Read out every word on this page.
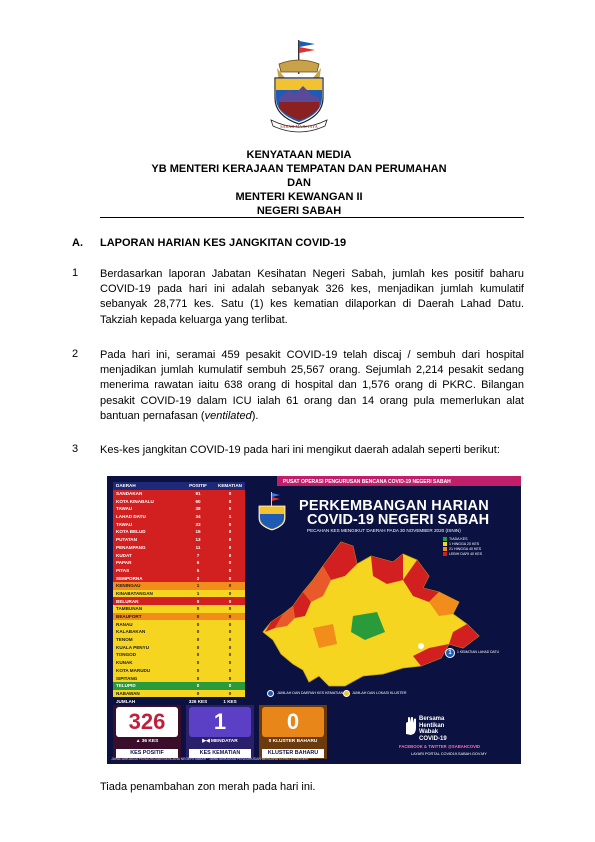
SABAH MAJU JAYA
KENYATAAN MEDIA
YB MENTERI KERAJAAN TEMPATAN DAN PERUMAHAN
DAN
MENTERI KEWANGAN II
NEGERI SABAH
A. LAPORAN HARIAN KES JANGKITAN COVID-19
1 Berdasarkan laporan Jabatan Kesihatan Negeri Sabah, jumlah kes positif baharu COVID-19 pada hari ini adalah sebanyak 326 kes, menjadikan jumlah kumulatif sebanyak 28,771 kes. Satu (1) kes kematian dilaporkan di Daerah Lahad Datu. Takziah kepada keluarga yang terlibat.
2 Pada hari ini, seramai 459 pesakit COVID-19 telah discaj / sembuh dari hospital menjadikan jumlah kumulatif sembuh 25,567 orang. Sejumlah 2,214 pesakit sedang menerima rawatan iaitu 638 orang di hospital dan 1,576 orang di PKRC. Bilangan pesakit COVID-19 dalam ICU ialah 61 orang dan 14 orang pula memerlukan alat bantuan pernafasan (ventilated).
3 Kes-kes jangkitan COVID-19 pada hari ini mengikut daerah adalah seperti berikut:
PUSAT OPERASI PENGURUSAN BENCANA COVID-19 NEGERI SABAH
PERKEMBANGAN HARIAN
COVID-19 NEGERI SABAH
PECAHAN KES MENGIKUT DAERAH PADA 30 NOVEMBER 2020 (ISNIN)
TIADA KES
1 HINGGA 20 KES
21 HINGGA 40 KES
LEBIH DARI 40 KES
1	1 KEMATIAN LAHAD DATU
JUMLAH DAN DAERAH KES KEMATIAN JUMLAH DAN LOKASI KLUSTER
DAERAH	POSITIF	KEMATIAN
SANDAKAN	91	0
KOTA KINABALU	60	0
TAWAU	38	0
LAHAD DATU	34	1
TAWAU	33	0
KOTA BELUD	15	0
PUTATAN	13	0
PENAMPANG	11	0
KUDAT	7	0
PAPAR	6	0
PITAS	5	0
SEMPORNA	2	0
KENINGAU	1	0
KINABATANGAN	1	0
BELURAN	0	0
TAMBUNAN	0	0
BEAUFORT	0	0
RANAU	0	0
KALABAKAN	0	0
TENOM	0	0
KUALA PENYU	0	0
TONGOD	0	0
KUNAK	0	0
KOTA MARUDU	0	0
SIPITANG	0	0
TELUPID	0	0
NABAWAN	0	0
JUMLAH	326 KES	1 KES
326
▲ 36 KES
KES POSITIF
1
▶◀ MENDATAR
KES KEMATIAN
0
0 KLUSTER BAHARU
KLUSTER BAHARU
Bersama
Hentikan
Wabak
COVID-19
FACEBOOK & TWITTER @SABAHCOVID
LAYARI PORTAL COVID19.SABAH.GOV.MY
JAWATANKUASA PENGURUSAN BENCANA NEGERI SABAH · JAWATANKUASA PENGURUSAN BENCANA COVID-19 NEGERI
Tiada penambahan zon merah pada hari ini.
